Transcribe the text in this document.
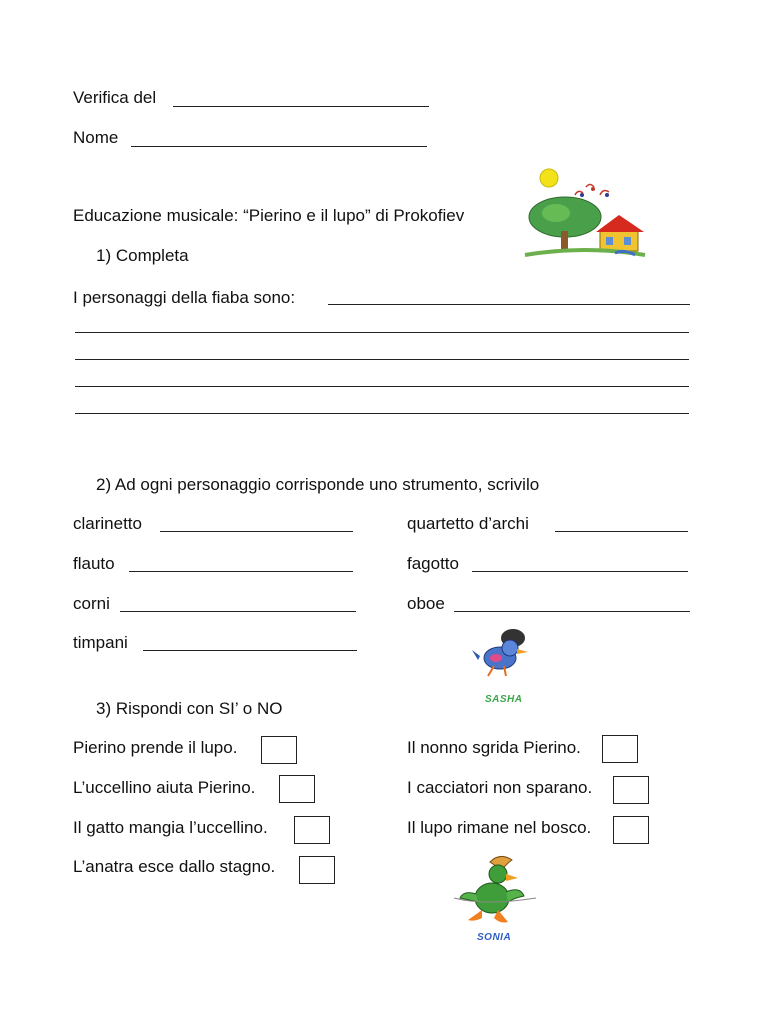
Verifica del
Nome
Educazione musicale: “Pierino e il lupo” di Prokofiev
1) Completa
I personaggi della fiaba sono:
2) Ad ogni personaggio corrisponde uno strumento, scrivilo
clarinetto
flauto
corni
timpani
quartetto d’archi
fagotto
oboe
SASHA
3) Rispondi con SI’ o NO
Pierino prende il lupo.
L’uccellino aiuta Pierino.
Il gatto mangia l’uccellino.
L’anatra esce dallo stagno.
Il nonno sgrida Pierino.
I cacciatori non sparano.
Il lupo rimane nel bosco.
SONIA
